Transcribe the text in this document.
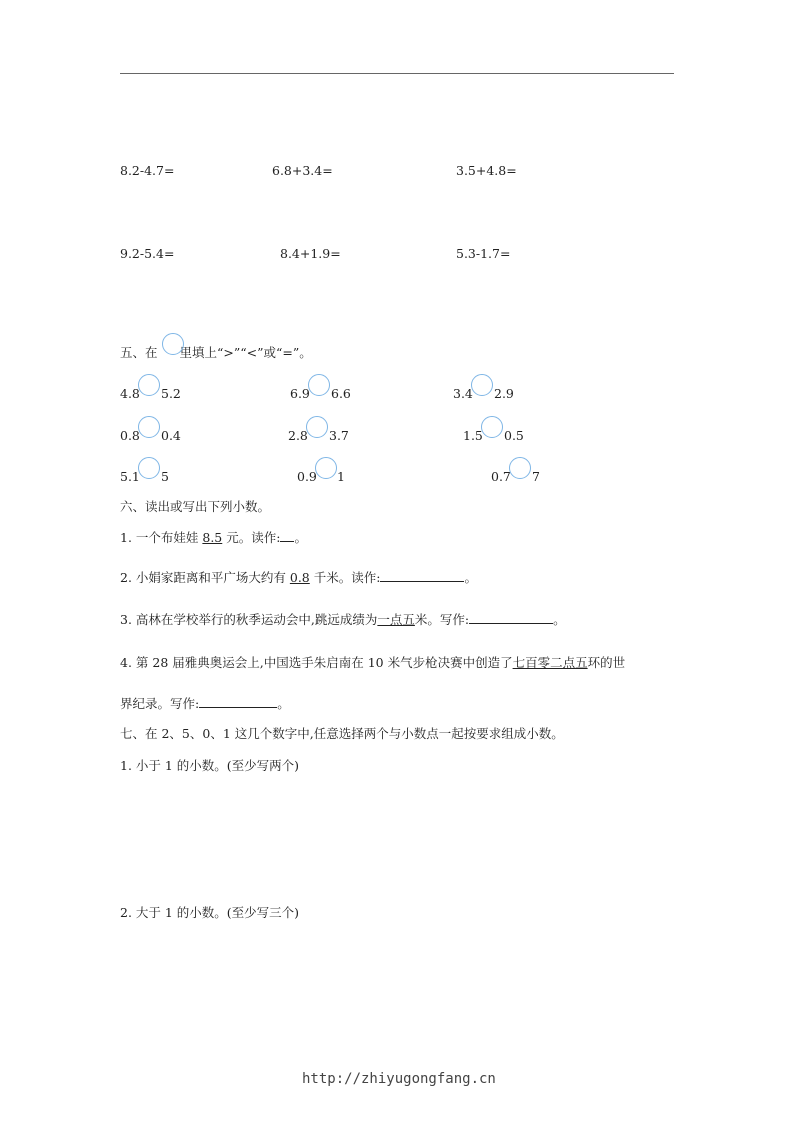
8.2-4.7=	6.8+3.4=	3.5+4.8=
9.2-5.4=	8.4+1.9=	5.3-1.7=
五、在 里填上“>”“<”或“=”。
4.8 5.2	6.9 6.6	3.4 2.9
0.8 0.4	2.8 3.7	1.5 0.5
5.1 5	0.9 1	0.7 7
六、读出或写出下列小数。
1. 一个布娃娃 8.5 元。读作: 。
2. 小娟家距离和平广场大约有 0.8 千米。读作:	。
3. 高林在学校举行的秋季运动会中,跳远成绩为一点五米。写作:	。
4. 第 28 届雅典奥运会上,中国选手朱启南在 10 米气步枪决赛中创造了七百零二点五环的世
界纪录。写作:	。
七、在 2、5、0、1 这几个数字中,任意选择两个与小数点一起按要求组成小数。
1. 小于 1 的小数。(至少写两个)
2. 大于 1 的小数。(至少写三个)
http://zhiyugongfang.cn
